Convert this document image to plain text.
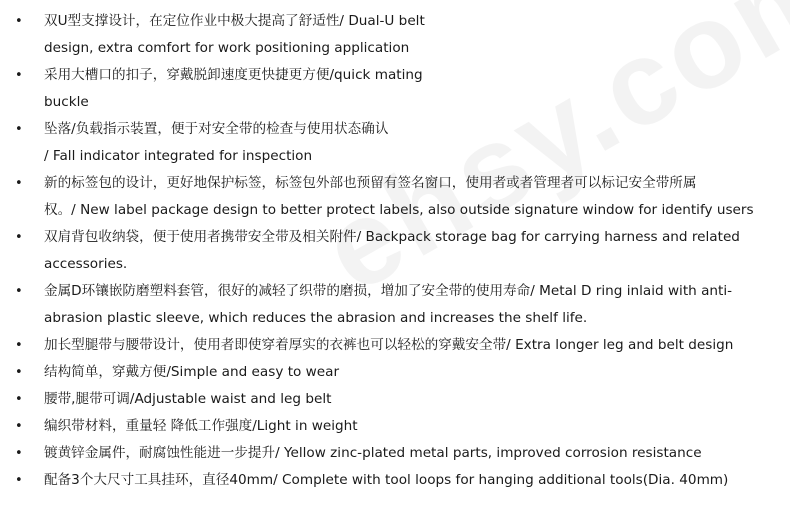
• 双U型支撑设计，在定位作业中极大提高了舒适性/ Dual-U belt
design, extra comfort for work positioning application
• 采用大槽口的扣子，穿戴脱卸速度更快捷更方便/quick mating
buckle
• 坠落/负载指示装置，便于对安全带的检查与使用状态确认
/ Fall indicator integrated for inspection
• 新的标签包的设计，更好地保护标签，标签包外部也预留有签名窗口，使用者或者管理者可以标记安全带所属
权。/ New label package design to better protect labels, also outside signature window for identify users
• 双肩背包收纳袋，便于使用者携带安全带及相关附件/ Backpack storage bag for carrying harness and related
accessories.
• 金属D环镶嵌防磨塑料套管，很好的减轻了织带的磨损，增加了安全带的使用寿命/ Metal D ring inlaid with anti-
abrasion plastic sleeve, which reduces the abrasion and increases the shelf life.
• 加长型腿带与腰带设计，使用者即使穿着厚实的衣裤也可以轻松的穿戴安全带/ Extra longer leg and belt design
• 结构简单，穿戴方便/Simple and easy to wear
• 腰带,腿带可调/Adjustable waist and leg belt
• 编织带材料，重量轻 降低工作强度/Light in weight
• 镀黄锌金属件，耐腐蚀性能进一步提升/ Yellow zinc-plated metal parts, improved corrosion resistance
• 配备3个大尺寸工具挂环，直径40mm/ Complete with tool loops for hanging additional tools(Dia. 40mm)
